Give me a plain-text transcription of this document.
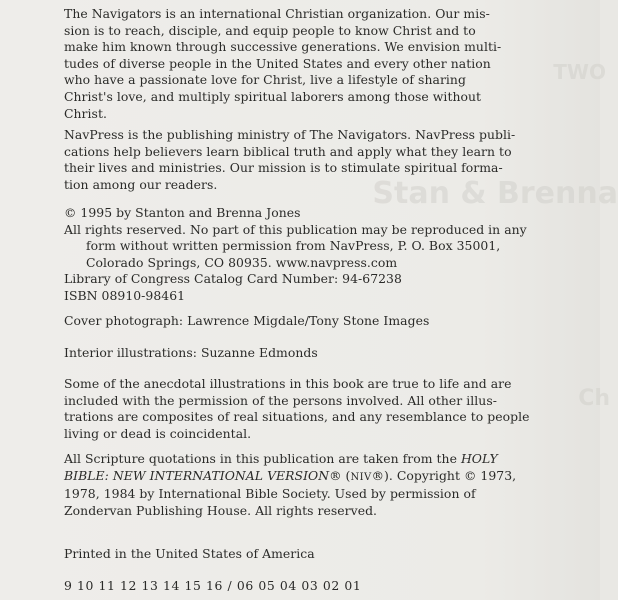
TWO
Stan & Brenna
Ch
The Navigators is an international Christian organization. Our mis-
sion is to reach, disciple, and equip people to know Christ and to
make him known through successive generations. We envision multi-
tudes of diverse people in the United States and every other nation
who have a passionate love for Christ, live a lifestyle of sharing
Christ's love, and multiply spiritual laborers among those without
Christ.
NavPress is the publishing ministry of The Navigators. NavPress publi-
cations help believers learn biblical truth and apply what they learn to
their lives and ministries. Our mission is to stimulate spiritual forma-
tion among our readers.
© 1995 by Stanton and Brenna Jones
All rights reserved. No part of this publication may be reproduced in any
form without written permission from NavPress, P. O. Box 35001,
Colorado Springs, CO 80935. www.navpress.com
Library of Congress Catalog Card Number: 94-67238
ISBN 08910-98461
Cover photograph: Lawrence Migdale/Tony Stone Images
Interior illustrations: Suzanne Edmonds
Some of the anecdotal illustrations in this book are true to life and are
included with the permission of the persons involved. All other illus-
trations are composites of real situations, and any resemblance to people
living or dead is coincidental.
All Scripture quotations in this publication are taken from the HOLY
BIBLE: NEW INTERNATIONAL VERSION® (NIV®). Copyright © 1973,
1978, 1984 by International Bible Society. Used by permission of
Zondervan Publishing House. All rights reserved.
Printed in the United States of America
9 10 11 12 13 14 15 16 / 06 05 04 03 02 01
